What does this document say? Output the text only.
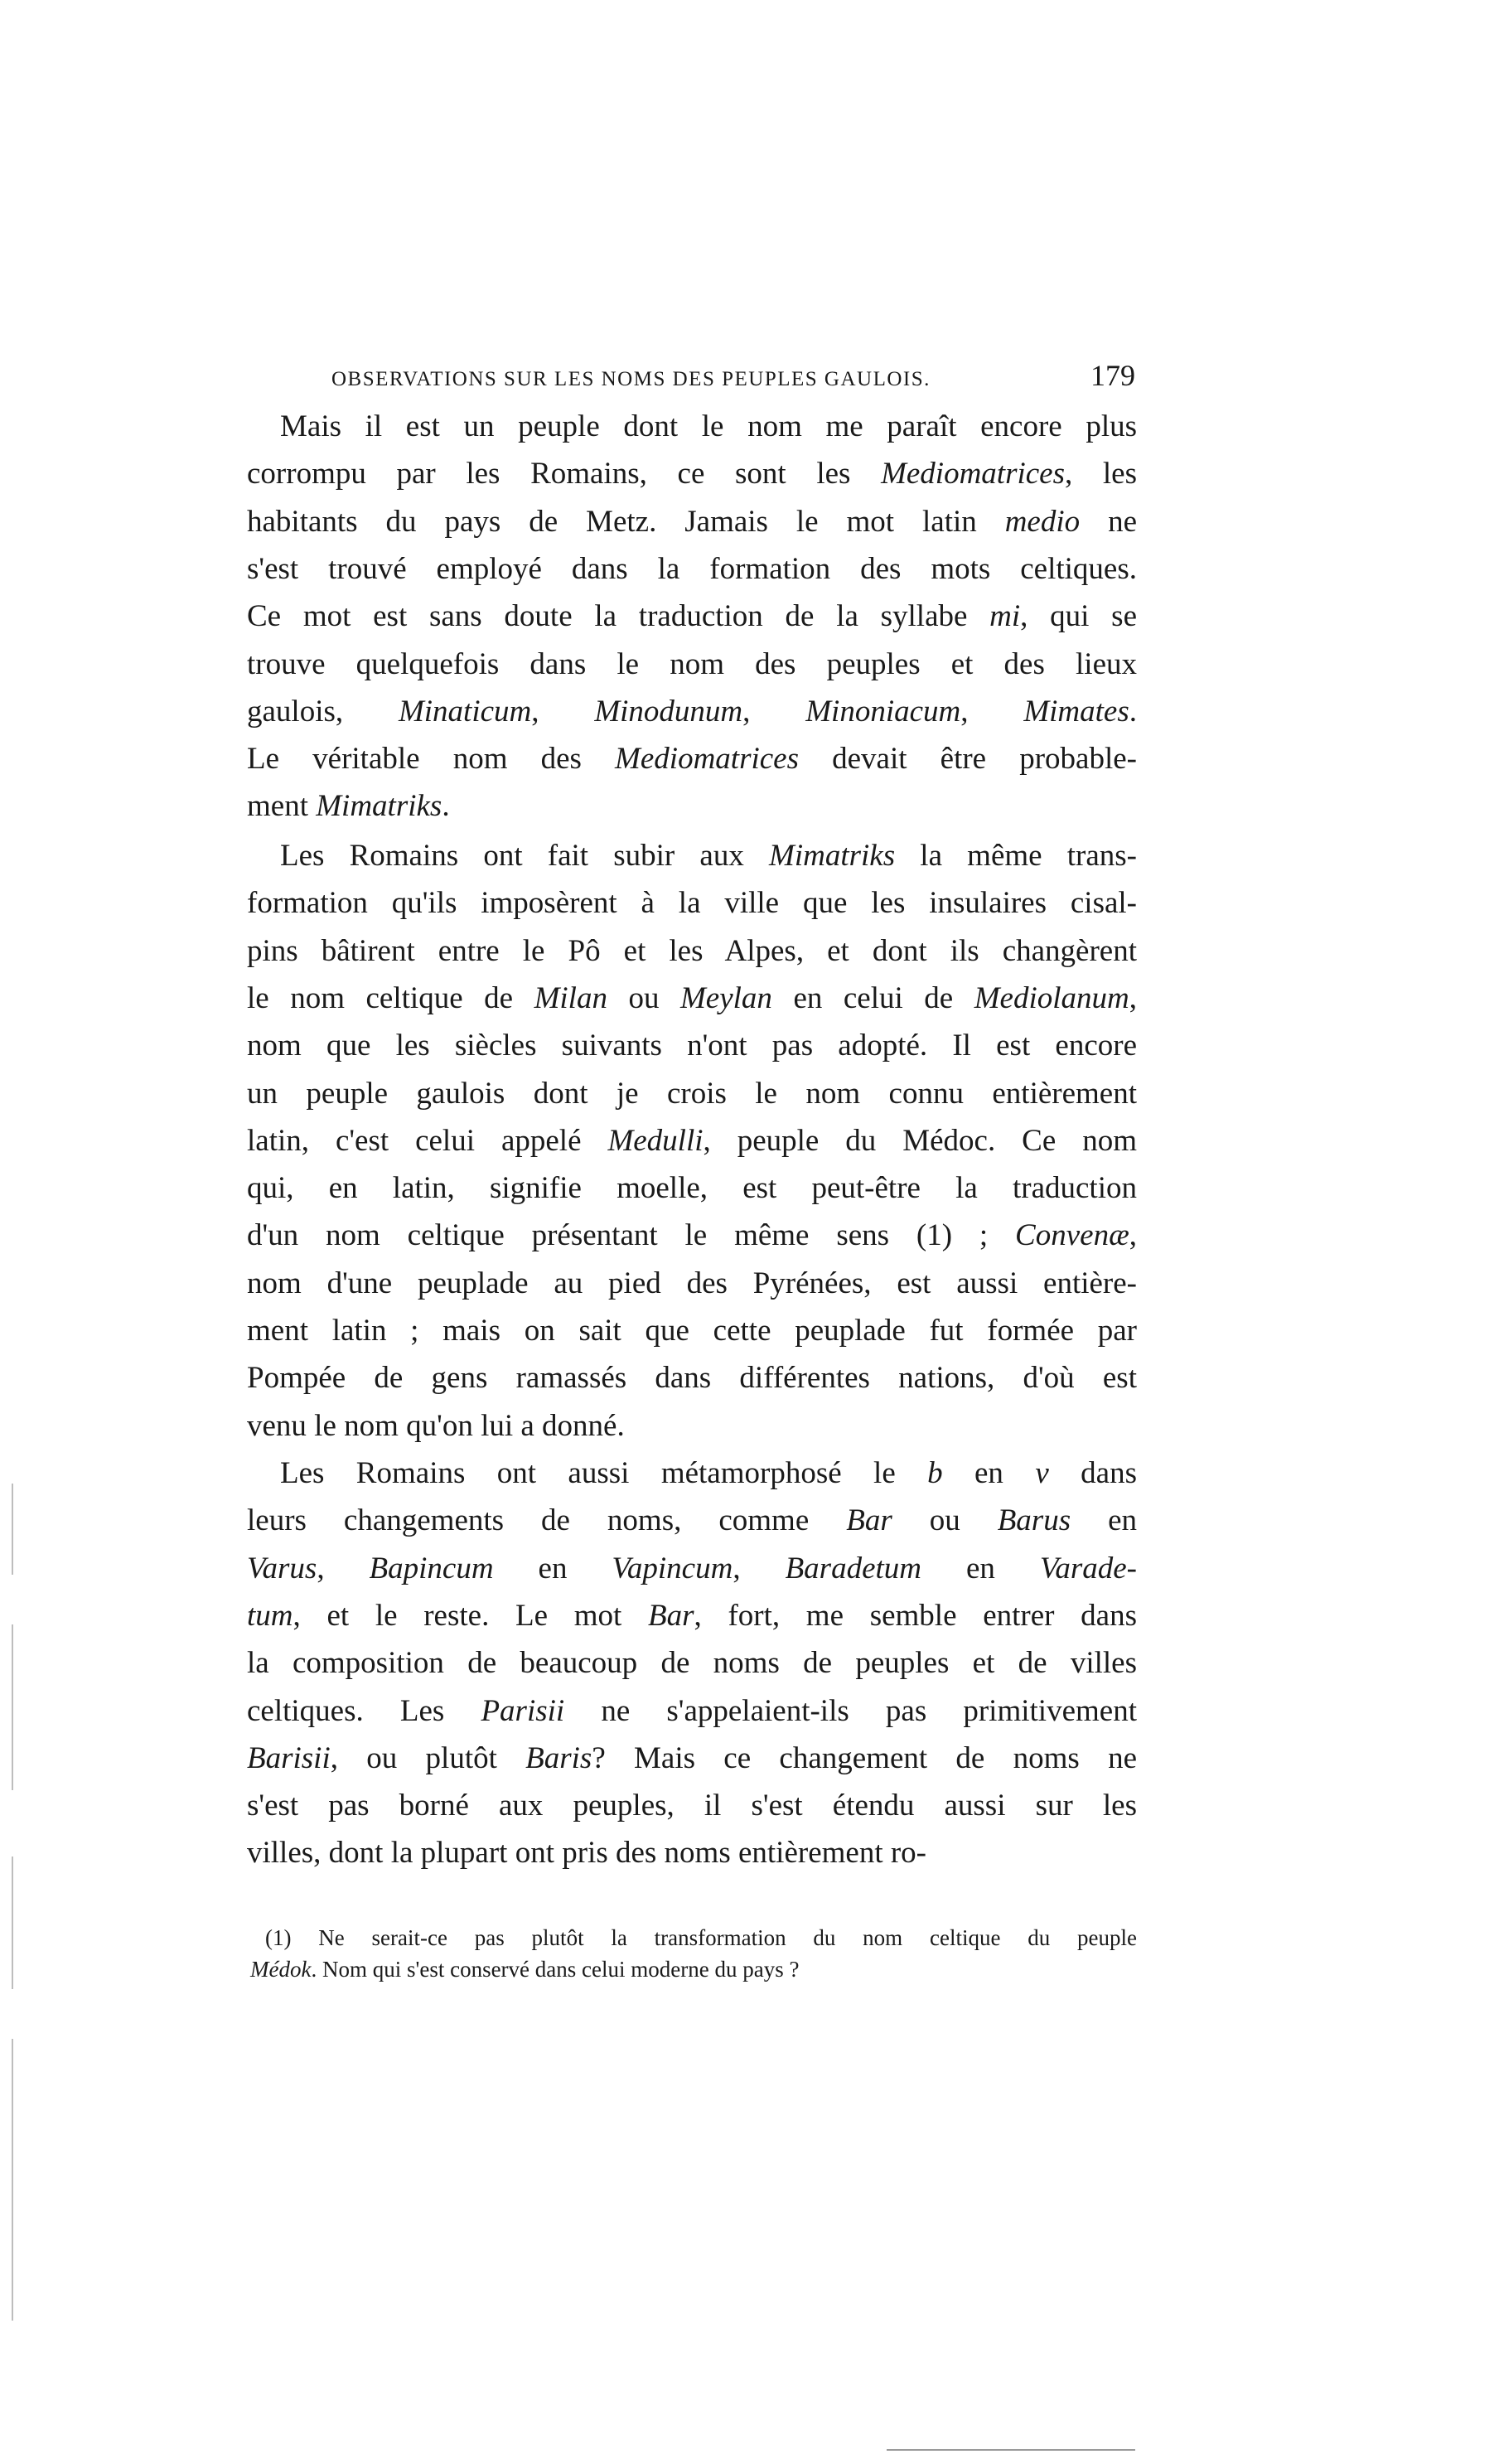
OBSERVATIONS SUR LES NOMS DES PEUPLES GAULOIS.	179
Mais il est un peuple dont le nom me paraît encore plus
corrompu par les Romains, ce sont les Mediomatrices, les
habitants du pays de Metz. Jamais le mot latin medio ne
s'est trouvé employé dans la formation des mots celtiques.
Ce mot est sans doute la traduction de la syllabe mi, qui se
trouve quelquefois dans le nom des peuples et des lieux
gaulois, Minaticum, Minodunum, Minoniacum, Mimates.
Le véritable nom des Mediomatrices devait être probable-
ment Mimatriks.
Les Romains ont fait subir aux Mimatriks la même trans-
formation qu'ils imposèrent à la ville que les insulaires cisal-
pins bâtirent entre le Pô et les Alpes, et dont ils changèrent
le nom celtique de Milan ou Meylan en celui de Mediolanum,
nom que les siècles suivants n'ont pas adopté. Il est encore
un peuple gaulois dont je crois le nom connu entièrement
latin, c'est celui appelé Medulli, peuple du Médoc. Ce nom
qui, en latin, signifie moelle, est peut-être la traduction
d'un nom celtique présentant le même sens (1) ; Convenæ,
nom d'une peuplade au pied des Pyrénées, est aussi entière-
ment latin ; mais on sait que cette peuplade fut formée par
Pompée de gens ramassés dans différentes nations, d'où est
venu le nom qu'on lui a donné.
Les Romains ont aussi métamorphosé le b en v dans
leurs changements de noms, comme Bar ou Barus en
Varus, Bapincum en Vapincum, Baradetum en Varade-
tum, et le reste. Le mot Bar, fort, me semble entrer dans
la composition de beaucoup de noms de peuples et de villes
celtiques. Les Parisii ne s'appelaient-ils pas primitivement
Barisii, ou plutôt Baris? Mais ce changement de noms ne
s'est pas borné aux peuples, il s'est étendu aussi sur les
villes, dont la plupart ont pris des noms entièrement ro-
(1) Ne serait-ce pas plutôt la transformation du nom celtique du peuple
Médok. Nom qui s'est conservé dans celui moderne du pays ?
